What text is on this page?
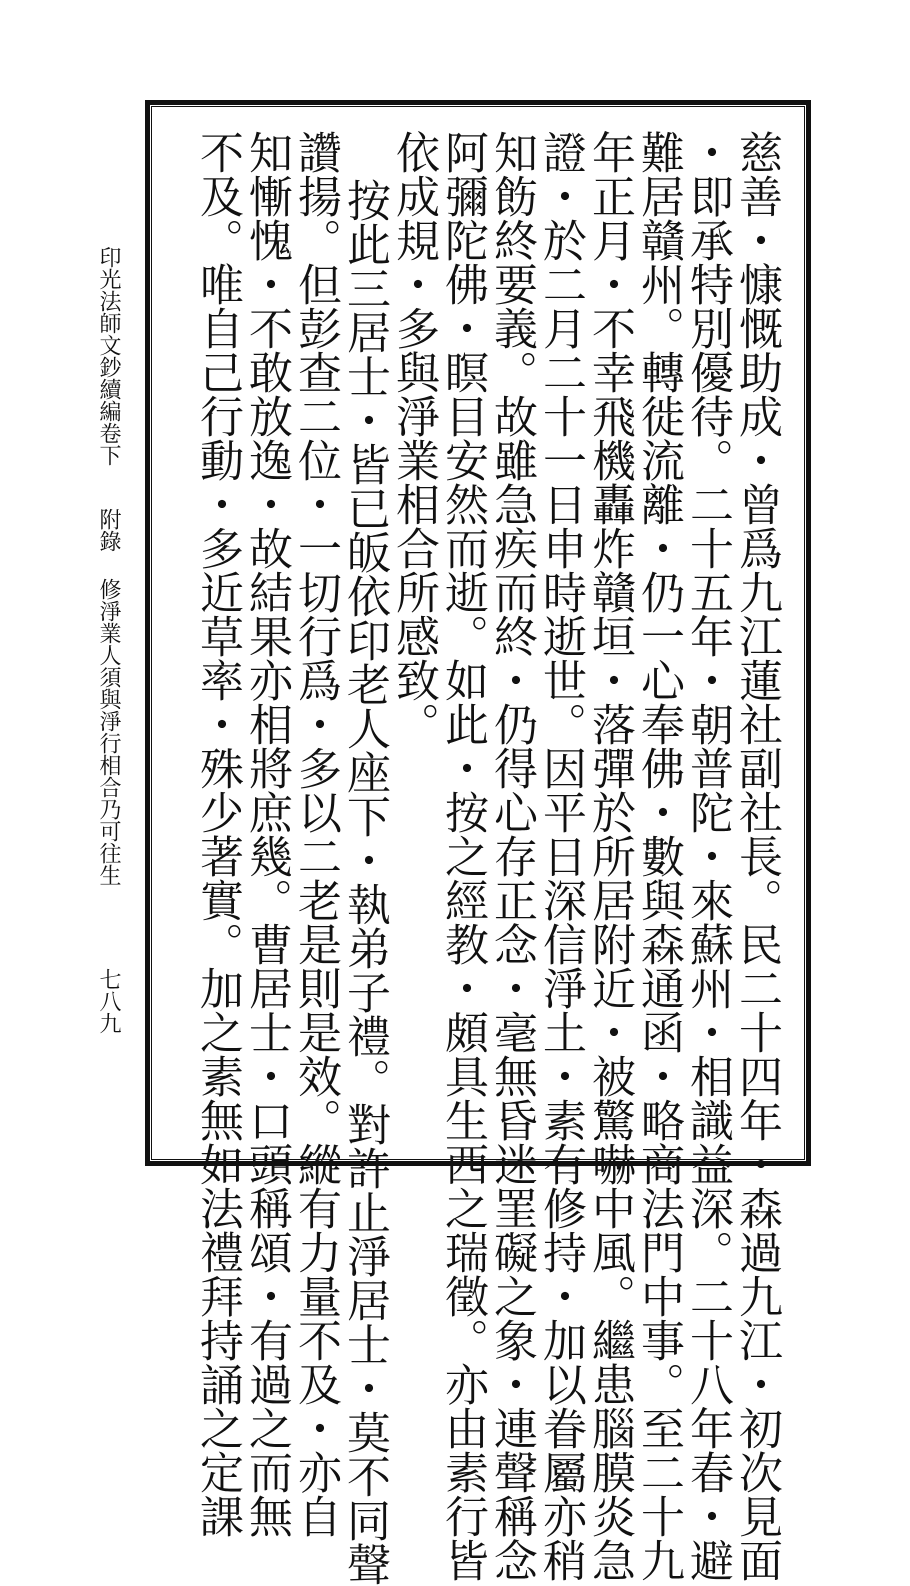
印光法師文鈔續編卷下
附錄
修淨業人須與淨行相合乃可往生
七八九	慈善・慷慨助成・曾爲九江蓮社副社長。民二十四年・森過九江・初次見面
・即承特別優待。二十五年・朝普陀・來蘇州・相識益深。二十八年春・避
難居贛州。轉徙流離・仍一心奉佛・數與森通函・略商法門中事。至二十九
年正月・不幸飛機轟炸贛垣・落彈於所居附近・被驚嚇中風。繼患腦膜炎急
證・於二月二十一日申時逝世。因平日深信淨土・素有修持・加以眷屬亦稍
知飭終要義。故雖急疾而終・仍得心存正念・毫無昏迷罣礙之象・連聲稱念
阿彌陀佛・瞑目安然而逝。如此・按之經教・頗具生西之瑞徵。亦由素行皆
依成規・多與淨業相合所感致。
按此三居士・皆已皈依印老人座下・執弟子禮。對許止淨居士・莫不同聲
讚揚。但彭查二位・一切行爲・多以二老是則是效。縱有力量不及・亦自
知慚愧・不敢放逸・故結果亦相將庶幾。曹居士・口頭稱頌・有過之而無
不及。唯自己行動・多近草率・殊少著實。加之素無如法禮拜持誦之定課
